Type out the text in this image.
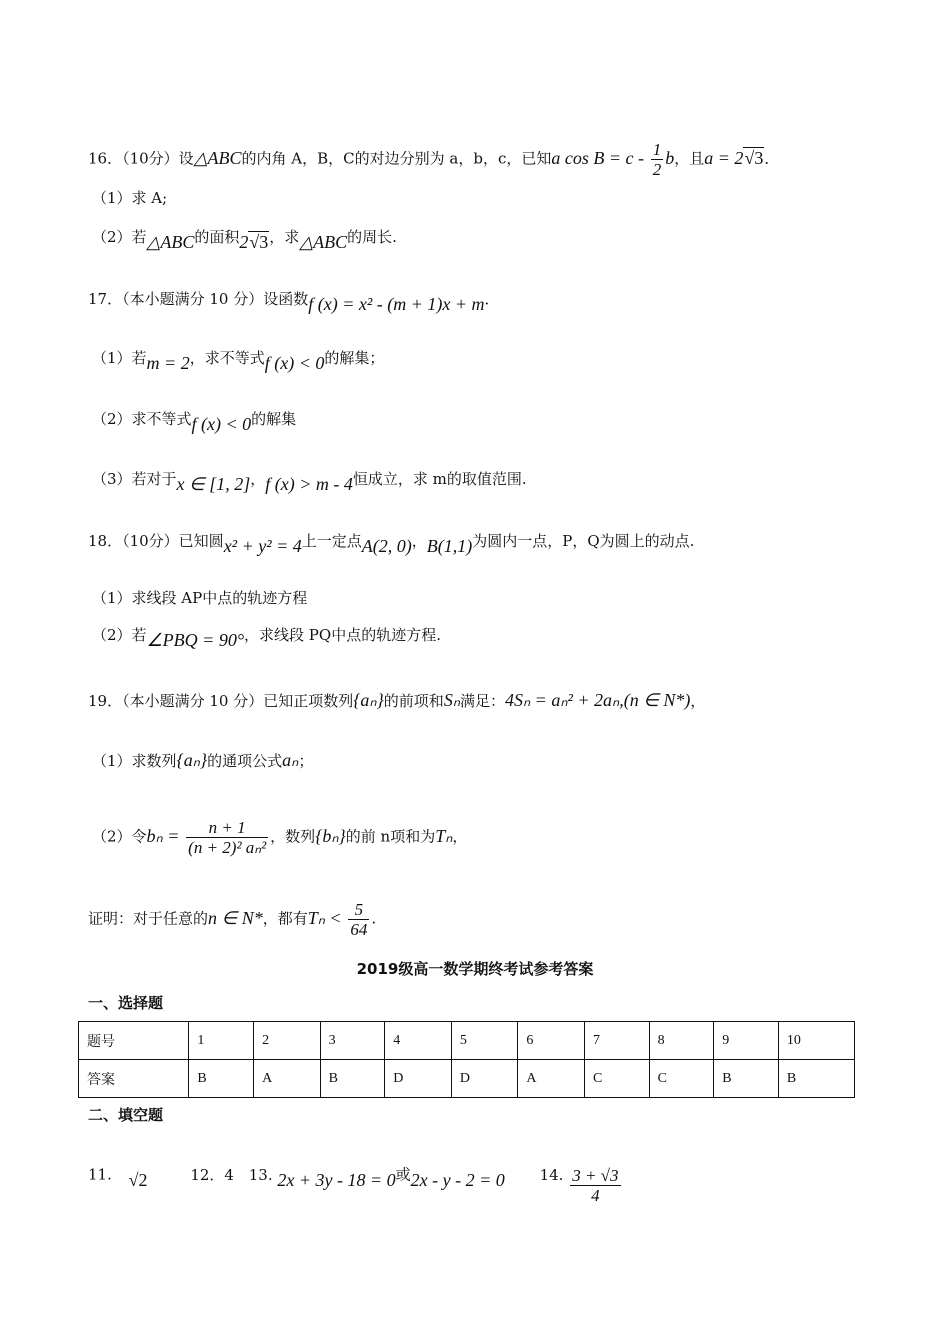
16．（10分）设△ABC的内角 A，B，C的对边分别为 a，b，c，已知a $\cos B = c - \frac{1}{2}$ b，且a = 2√3．
（1）求 A;
（2）若△ABC的面积2√3，求△ABC的周长.
17．（本小题满分 10 分）设函数f (x) = x² - (m + 1)x + m．
（1）若m = 2，求不等式f (x) < 0的解集；
（2）求不等式f (x) < 0的解集
（3）若对于x ∈ [1, 2]，f (x) > m - 4恒成立，求 m的取值范围.
18．（10分）已知圆x² + y² = 4上一定点A(2, 0)，B(1,1)为圆内一点，P，Q为圆上的动点.
（1）求线段 AP中点的轨迹方程
（2）若∠PBQ = 90°，求线段 PQ中点的轨迹方程.
19．（本小题满分 10 分）已知正项数列{aₙ}的前项和Sₙ满足：4Sₙ = aₙ² + 2aₙ,(n ∈ N*)，
（1）求数列{aₙ}的通项公式aₙ；
（2）令$b_n = \frac{n + 1}{\text{(n + 2)² aₙ²}}$ ，数列{bₙ}的前 n项和为Tₙ，
证明：对于任意的n ∈ N*，都有$T_n < \frac{5}{64}$ .
2019级高一数学期终考试参考答案
一、选择题
题号	1	2	3	4	5	6	7	8	9	10
答案	B	A	B	D	D	A	C	C	B	B
二、填空题
11. √2	12．4 13. 2x + 3y - 18 = 0或2x - y - 2 = 0 14. $\frac{3 + √3}{4}$
